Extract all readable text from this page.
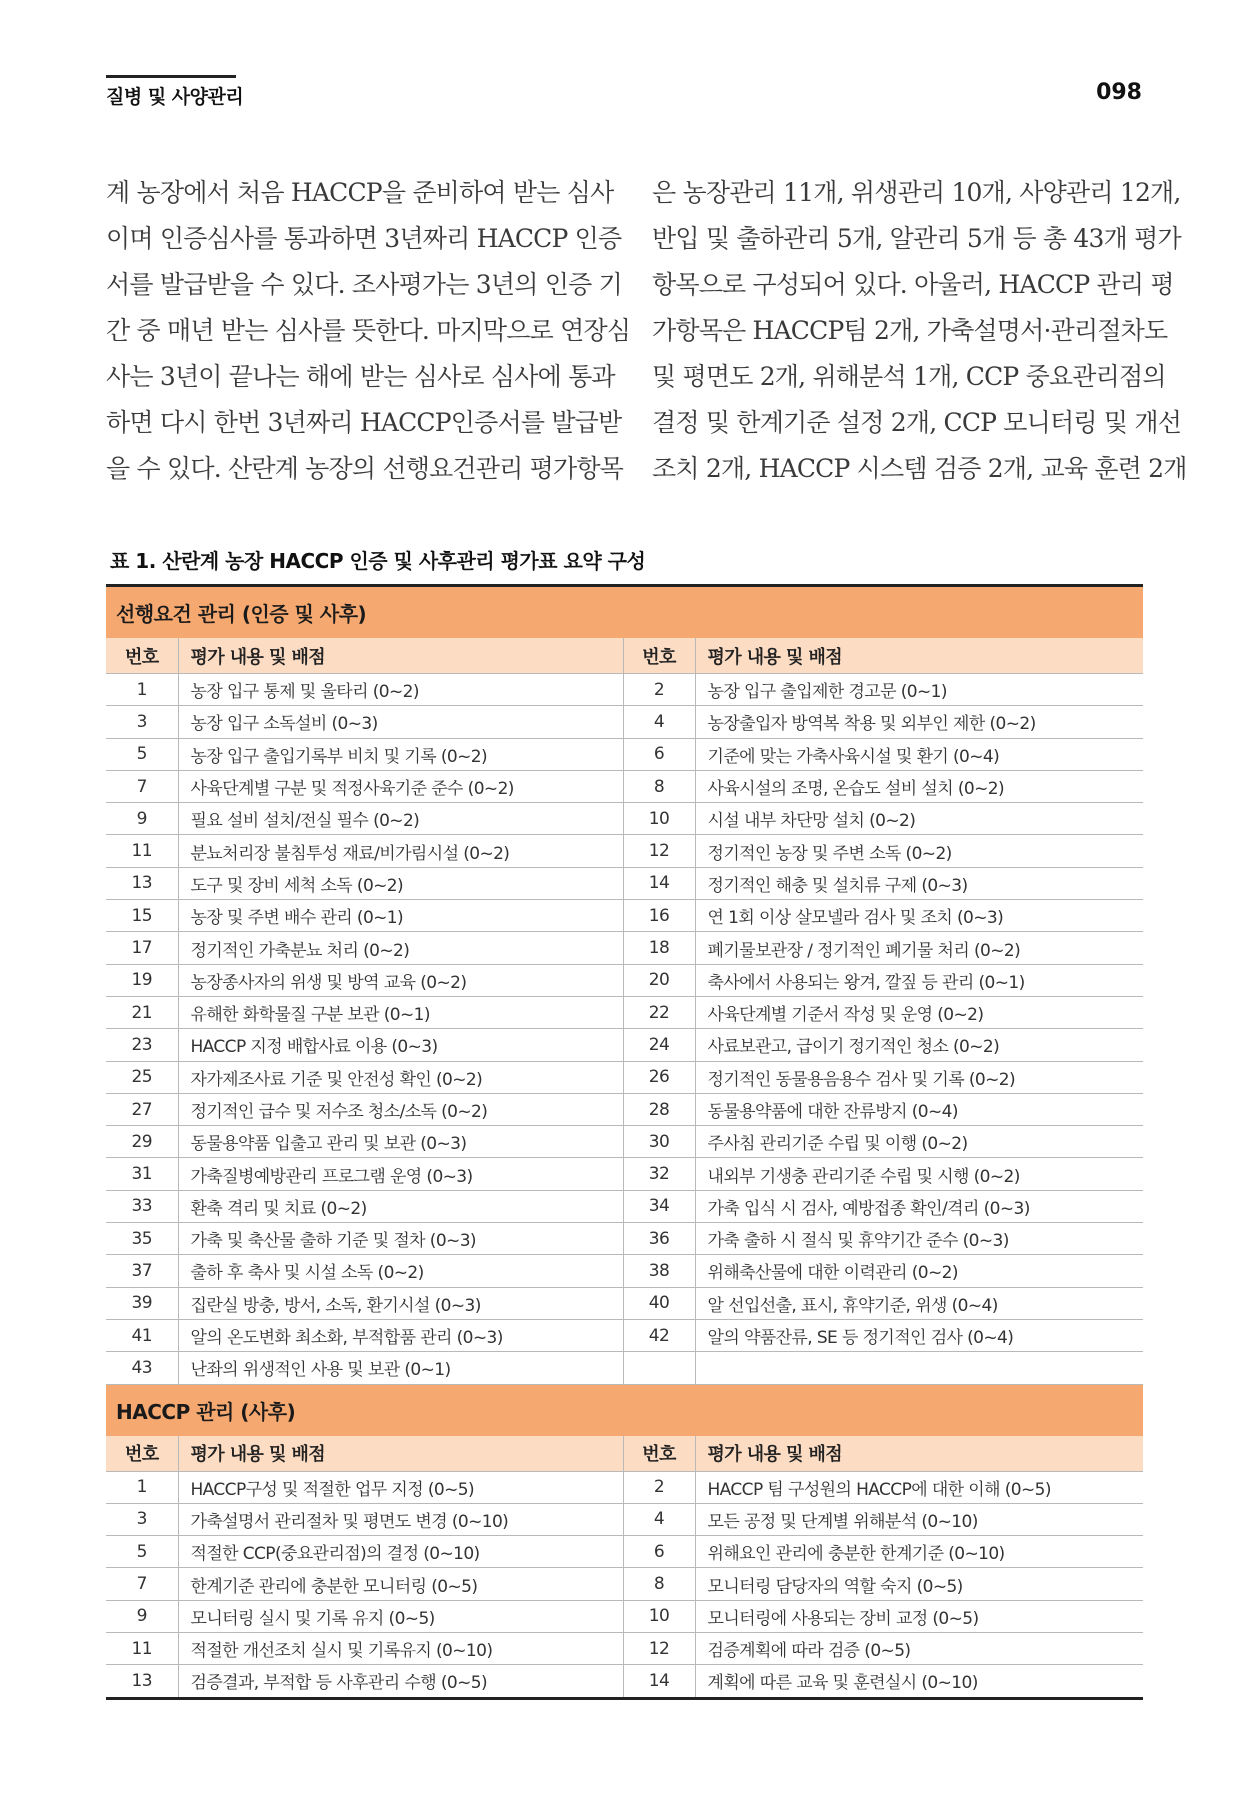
질병 및 사양관리	098
계 농장에서 처음 HACCP을 준비하여 받는 심사
이며 인증심사를 통과하면 3년짜리 HACCP 인증
서를 발급받을 수 있다. 조사평가는 3년의 인증 기
간 중 매년 받는 심사를 뜻한다. 마지막으로 연장심
사는 3년이 끝나는 해에 받는 심사로 심사에 통과
하면 다시 한번 3년짜리 HACCP인증서를 발급받
을 수 있다. 산란계 농장의 선행요건관리 평가항목
은 농장관리 11개, 위생관리 10개, 사양관리 12개,
반입 및 출하관리 5개, 알관리 5개 등 총 43개 평가
항목으로 구성되어 있다. 아울러, HACCP 관리 평
가항목은 HACCP팀 2개, 가축설명서·관리절차도
및 평면도 2개, 위해분석 1개, CCP 중요관리점의
결정 및 한계기준 설정 2개, CCP 모니터링 및 개선
조치 2개, HACCP 시스템 검증 2개, 교육 훈련 2개
표 1. 산란계 농장 HACCP 인증 및 사후관리 평가표 요약 구성
선행요건 관리 (인증 및 사후)			
번호	평가 내용 및 배점	번호	평가 내용 및 배점
1	농장 입구 통제 및 울타리 (0~2)	2	농장 입구 출입제한 경고문 (0~1)
3	농장 입구 소독설비 (0~3)	4	농장출입자 방역복 착용 및 외부인 제한 (0~2)
5	농장 입구 출입기록부 비치 및 기록 (0~2)	6	기준에 맞는 가축사육시설 및 환기 (0~4)
7	사육단계별 구분 및 적정사육기준 준수 (0~2)	8	사육시설의 조명, 온습도 설비 설치 (0~2)
9	필요 설비 설치/전실 필수 (0~2)	10	시설 내부 차단망 설치 (0~2)
11	분뇨처리장 불침투성 재료/비가림시설 (0~2)	12	정기적인 농장 및 주변 소독 (0~2)
13	도구 및 장비 세척 소독 (0~2)	14	정기적인 해충 및 설치류 구제 (0~3)
15	농장 및 주변 배수 관리 (0~1)	16	연 1회 이상 살모넬라 검사 및 조치 (0~3)
17	정기적인 가축분뇨 처리 (0~2)	18	폐기물보관장 / 정기적인 폐기물 처리 (0~2)
19	농장종사자의 위생 및 방역 교육 (0~2)	20	축사에서 사용되는 왕겨, 깔짚 등 관리 (0~1)
21	유해한 화학물질 구분 보관 (0~1)	22	사육단계별 기준서 작성 및 운영 (0~2)
23	HACCP 지정 배합사료 이용 (0~3)	24	사료보관고, 급이기 정기적인 청소 (0~2)
25	자가제조사료 기준 및 안전성 확인 (0~2)	26	정기적인 동물용음용수 검사 및 기록 (0~2)
27	정기적인 급수 및 저수조 청소/소독 (0~2)	28	동물용약품에 대한 잔류방지 (0~4)
29	동물용약품 입출고 관리 및 보관 (0~3)	30	주사침 관리기준 수립 및 이행 (0~2)
31	가축질병예방관리 프로그램 운영 (0~3)	32	내외부 기생충 관리기준 수립 및 시행 (0~2)
33	환축 격리 및 치료 (0~2)	34	가축 입식 시 검사, 예방접종 확인/격리 (0~3)
35	가축 및 축산물 출하 기준 및 절차 (0~3)	36	가축 출하 시 절식 및 휴약기간 준수 (0~3)
37	출하 후 축사 및 시설 소독 (0~2)	38	위해축산물에 대한 이력관리 (0~2)
39	집란실 방충, 방서, 소독, 환기시설 (0~3)	40	알 선입선출, 표시, 휴약기준, 위생 (0~4)
41	알의 온도변화 최소화, 부적합품 관리 (0~3)	42	알의 약품잔류, SE 등 정기적인 검사 (0~4)
43	난좌의 위생적인 사용 및 보관 (0~1)		
HACCP 관리 (사후)			
번호	평가 내용 및 배점	번호	평가 내용 및 배점
1	HACCP구성 및 적절한 업무 지정 (0~5)	2	HACCP 팀 구성원의 HACCP에 대한 이해 (0~5)
3	가축설명서 관리절차 및 평면도 변경 (0~10)	4	모든 공정 및 단계별 위해분석 (0~10)
5	적절한 CCP(중요관리점)의 결정 (0~10)	6	위해요인 관리에 충분한 한계기준 (0~10)
7	한계기준 관리에 충분한 모니터링 (0~5)	8	모니터링 담당자의 역할 숙지 (0~5)
9	모니터링 실시 및 기록 유지 (0~5)	10	모니터링에 사용되는 장비 교정 (0~5)
11	적절한 개선조치 실시 및 기록유지 (0~10)	12	검증계획에 따라 검증 (0~5)
13	검증결과, 부적합 등 사후관리 수행 (0~5)	14	계획에 따른 교육 및 훈련실시 (0~10)
